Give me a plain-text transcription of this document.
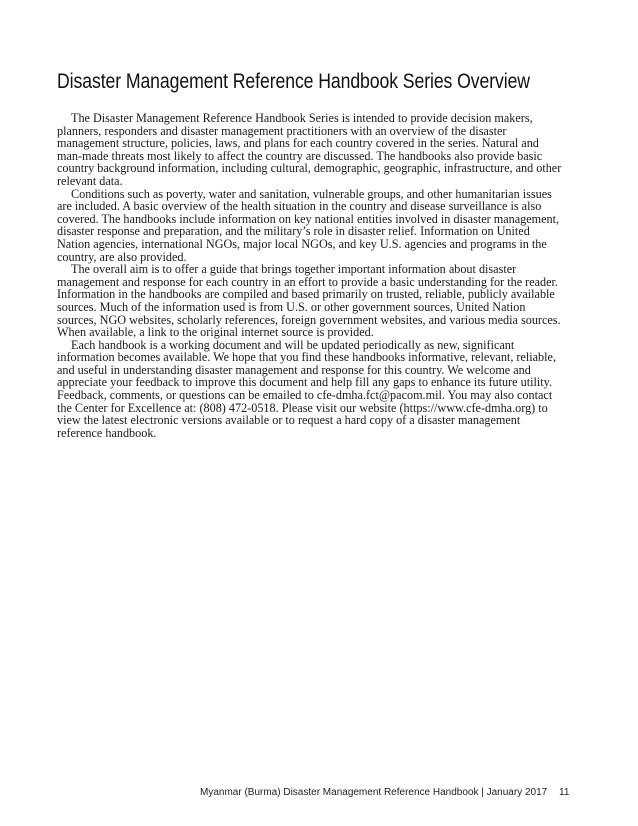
Disaster Management Reference Handbook Series Overview

The Disaster Management Reference Handbook Series is intended to provide decision makers, planners, responders and disaster management practitioners with an overview of the disaster management structure, policies, laws, and plans for each country covered in the series. Natural and man-made threats most likely to affect the country are discussed. The handbooks also provide basic country background information, including cultural, demographic, geographic, infrastructure, and other relevant data.

Conditions such as poverty, water and sanitation, vulnerable groups, and other humanitarian issues are included. A basic overview of the health situation in the country and disease surveillance is also covered. The handbooks include information on key national entities involved in disaster management, disaster response and preparation, and the military’s role in disaster relief. Information on United Nation agencies, international NGOs, major local NGOs, and key U.S. agencies and programs in the country, are also provided.

The overall aim is to offer a guide that brings together important information about disaster management and response for each country in an effort to provide a basic understanding for the reader. Information in the handbooks are compiled and based primarily on trusted, reliable, publicly available sources. Much of the information used is from U.S. or other government sources, United Nation sources, NGO websites, scholarly references, foreign government websites, and various media sources. When available, a link to the original internet source is provided.

Each handbook is a working document and will be updated periodically as new, significant information becomes available. We hope that you find these handbooks informative, relevant, reliable, and useful in understanding disaster management and response for this country. We welcome and appreciate your feedback to improve this document and help fill any gaps to enhance its future utility. Feedback, comments, or questions can be emailed to cfe-dmha.fct@pacom.mil. You may also contact the Center for Excellence at: (808) 472-0518. Please visit our website (https://www.cfe-dmha.org) to view the latest electronic versions available or to request a hard copy of a disaster management reference handbook.

Myanmar (Burma) Disaster Management Reference Handbook | January 2017 11
